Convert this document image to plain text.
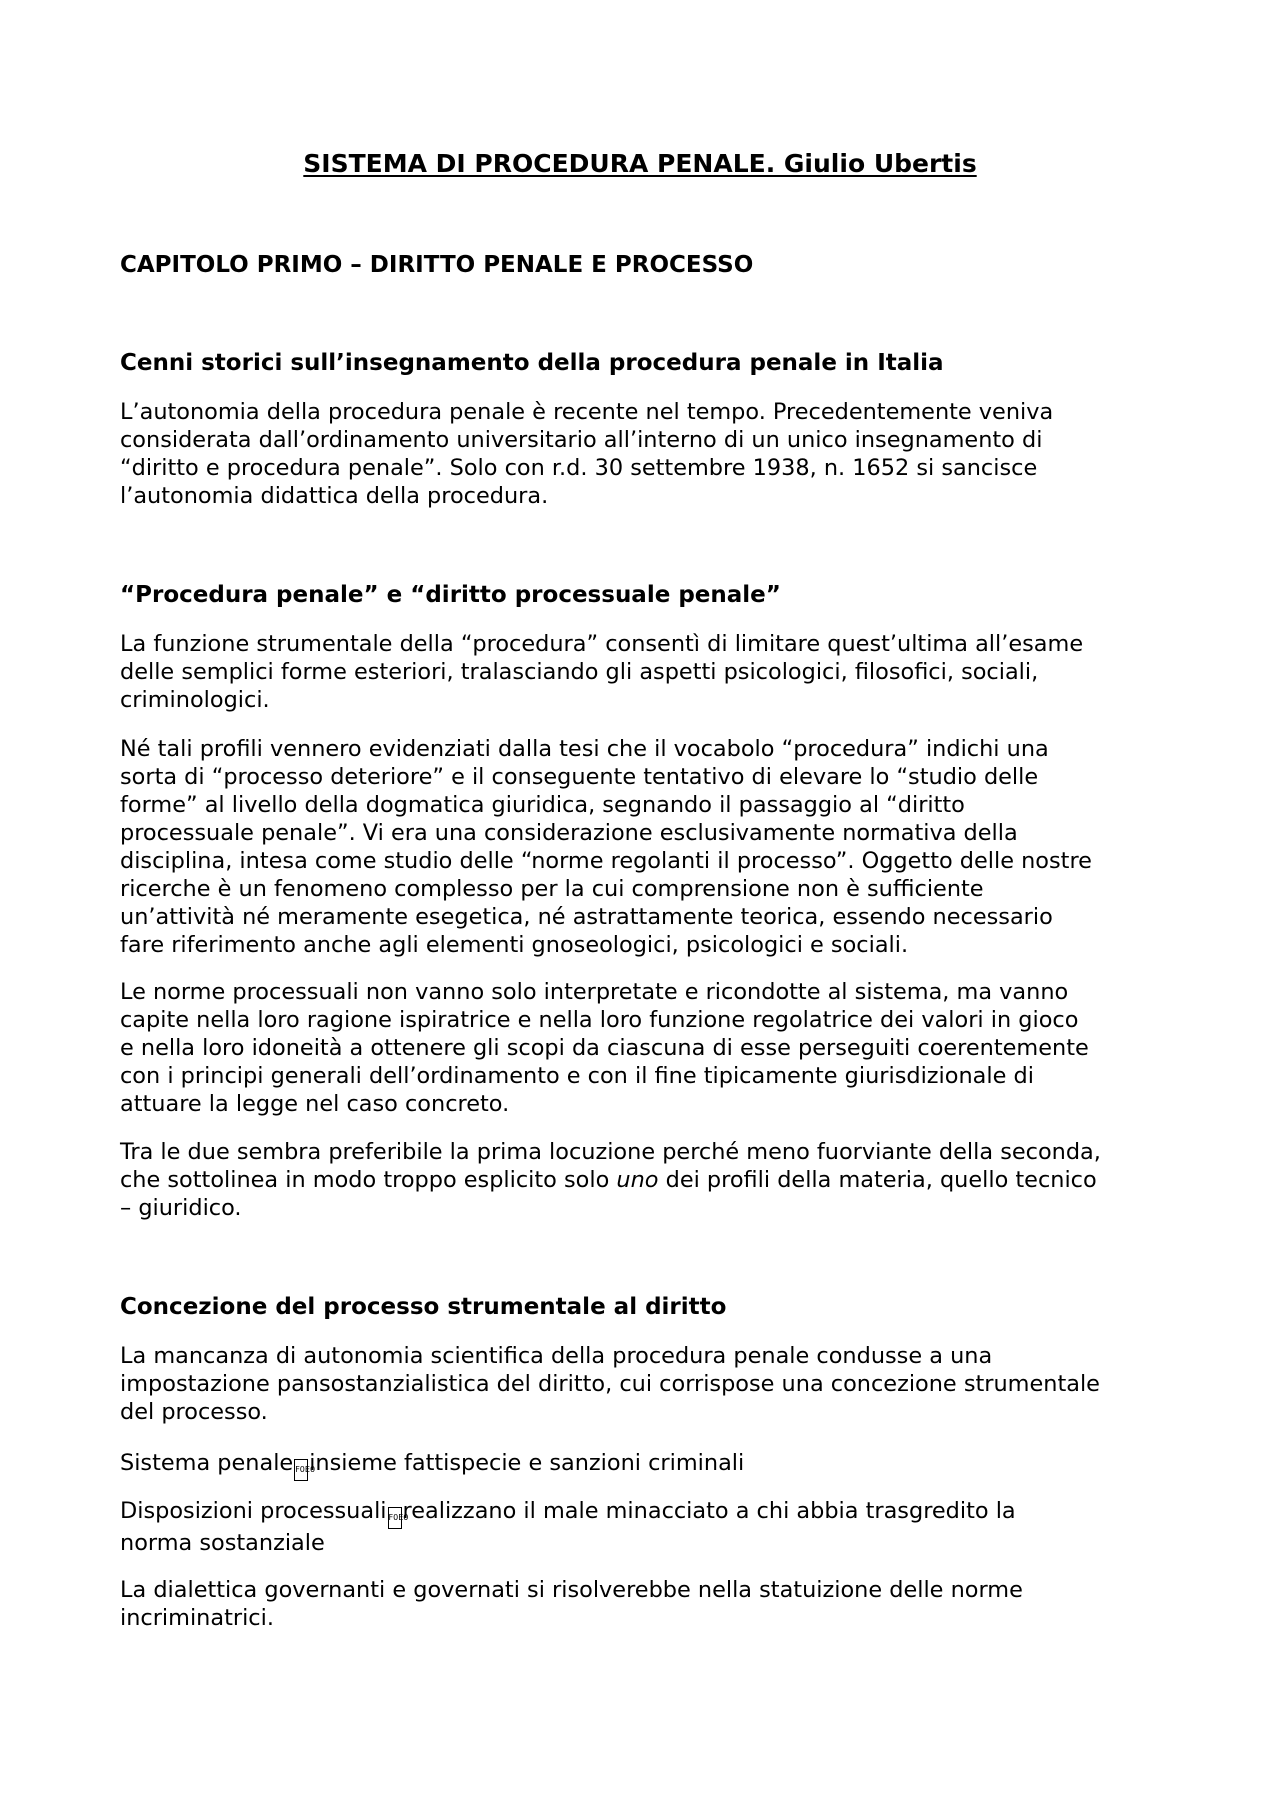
SISTEMA DI PROCEDURA PENALE. Giulio Ubertis
CAPITOLO PRIMO – DIRITTO PENALE E PROCESSO
Cenni storici sull’insegnamento della procedura penale in Italia

L’autonomia della procedura penale è recente nel tempo. Precedentemente veniva
considerata dall’ordinamento universitario all’interno di un unico insegnamento di
“diritto e procedura penale”. Solo con r.d. 30 settembre 1938, n. 1652 si sancisce
l’autonomia didattica della procedura.

“Procedura penale” e “diritto processuale penale”

La funzione strumentale della “procedura” consentì di limitare quest’ultima all’esame
delle semplici forme esteriori, tralasciando gli aspetti psicologici, filosofici, sociali,
criminologici.

Né tali profili vennero evidenziati dalla tesi che il vocabolo “procedura” indichi una
sorta di “processo deteriore” e il conseguente tentativo di elevare lo “studio delle
forme” al livello della dogmatica giuridica, segnando il passaggio al “diritto
processuale penale”. Vi era una considerazione esclusivamente normativa della
disciplina, intesa come studio delle “norme regolanti il processo”. Oggetto delle nostre
ricerche è un fenomeno complesso per la cui comprensione non è sufficiente
un’attività né meramente esegetica, né astrattamente teorica, essendo necessario
fare riferimento anche agli elementi gnoseologici, psicologici e sociali.

Le norme processuali non vanno solo interpretate e ricondotte al sistema, ma vanno
capite nella loro ragione ispiratrice e nella loro funzione regolatrice dei valori in gioco
e nella loro idoneità a ottenere gli scopi da ciascuna di esse perseguiti coerentemente
con i principi generali dell’ordinamento e con il fine tipicamente giurisdizionale di
attuare la legge nel caso concreto.

Tra le due sembra preferibile la prima locuzione perché meno fuorviante della seconda,
che sottolinea in modo troppo esplicito solo uno dei profili della materia, quello tecnico
– giuridico.

Concezione del processo strumentale al diritto

La mancanza di autonomia scientifica della procedura penale condusse a una
impostazione pansostanzialistica del diritto, cui corrispose una concezione strumentale
del processo.

Sistema penale F0E0insieme fattispecie e sanzioni criminali

Disposizioni processuali F0E0realizzano il male minacciato a chi abbia trasgredito la
norma sostanziale

La dialettica governanti e governati si risolverebbe nella statuizione delle norme
incriminatrici.
